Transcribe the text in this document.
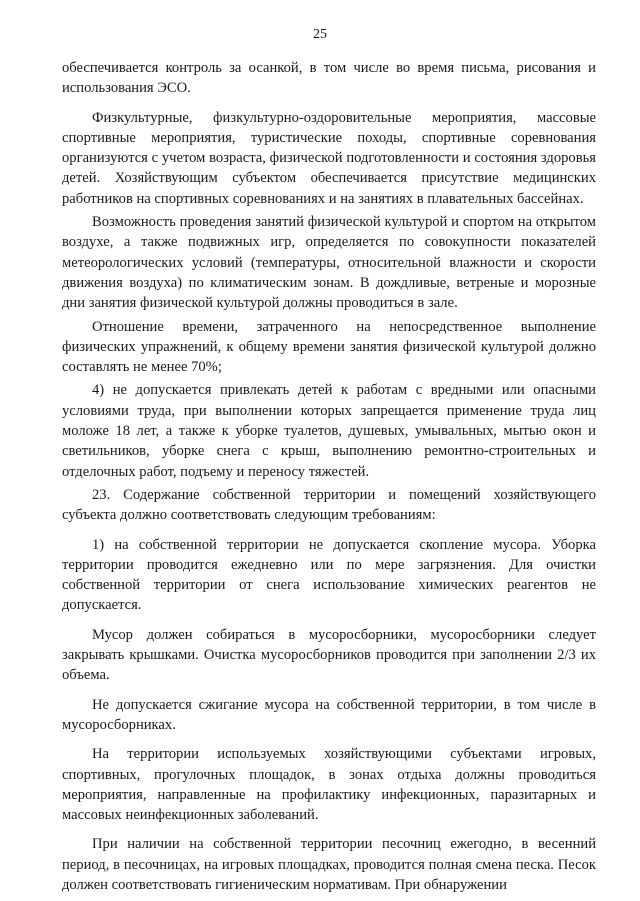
25

обеспечивается контроль за осанкой, в том числе во время письма, рисования и использования ЭСО.

Физкультурные, физкультурно-оздоровительные мероприятия, массовые спортивные мероприятия, туристические походы, спортивные соревнования организуются с учетом возраста, физической подготовленности и состояния здоровья детей. Хозяйствующим субъектом обеспечивается присутствие медицинских работников на спортивных соревнованиях и на занятиях в плавательных бассейнах.

Возможность проведения занятий физической культурой и спортом на открытом воздухе, а также подвижных игр, определяется по совокупности показателей метеорологических условий (температуры, относительной влажности и скорости движения воздуха) по климатическим зонам. В дождливые, ветреные и морозные дни занятия физической культурой должны проводиться в зале.

Отношение времени, затраченного на непосредственное выполнение физических упражнений, к общему времени занятия физической культурой должно составлять не менее 70%;

4) не допускается привлекать детей к работам с вредными или опасными условиями труда, при выполнении которых запрещается применение труда лиц моложе 18 лет, а также к уборке туалетов, душевых, умывальных, мытью окон и светильников, уборке снега с крыш, выполнению ремонтно-строительных и отделочных работ, подъему и переносу тяжестей.

23. Содержание собственной территории и помещений хозяйствующего субъекта должно соответствовать следующим требованиям:

1) на собственной территории не допускается скопление мусора. Уборка территории проводится ежедневно или по мере загрязнения. Для очистки собственной территории от снега использование химических реагентов не допускается.

Мусор должен собираться в мусоросборники, мусоросборники следует закрывать крышками. Очистка мусоросборников проводится при заполнении 2/3 их объема.

Не допускается сжигание мусора на собственной территории, в том числе в мусоросборниках.

На территории используемых хозяйствующими субъектами игровых, спортивных, прогулочных площадок, в зонах отдыха должны проводиться мероприятия, направленные на профилактику инфекционных, паразитарных и массовых неинфекционных заболеваний.

При наличии на собственной территории песочниц ежегодно, в весенний период, в песочницах, на игровых площадках, проводится полная смена песка. Песок должен соответствовать гигиеническим нормативам. При обнаружении
